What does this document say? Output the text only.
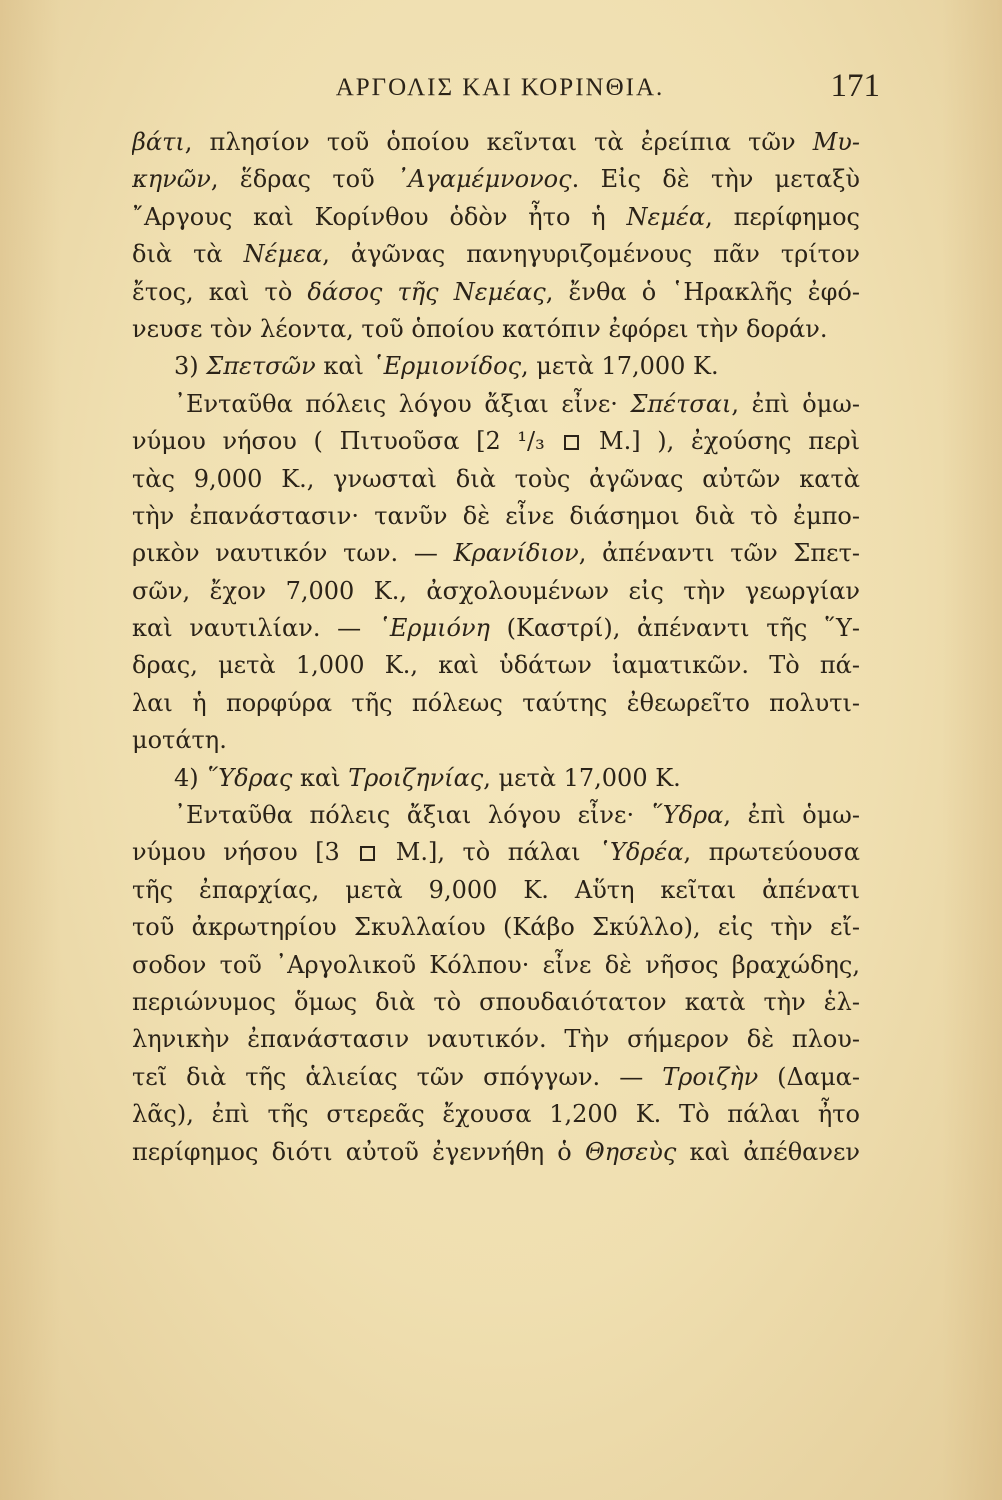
ΑΡΓΟΛΙΣ ΚΑΙ ΚΟΡΙΝΘΙΑ.	171
βάτι, πλησίον τοῦ ὁποίου κεῖνται τὰ ἐρείπια τῶν Μυ-
κηνῶν, ἕδρας τοῦ ᾿Αγαμέμνονος. Εἰς δὲ τὴν μεταξὺ
῎Αργους καὶ Κορίνθου ὁδὸν ἦτο ἡ Νεμέα, περίφημος
διὰ τὰ Νέμεα, ἀγῶνας πανηγυριζομένους πᾶν τρίτον
ἔτος, καὶ τὸ δάσος τῆς Νεμέας, ἔνθα ὁ ῾Ηρακλῆς ἐφό-
νευσε τὸν λέοντα, τοῦ ὁποίου κατόπιν ἐφόρει τὴν δοράν.
3) Σπετσῶν καὶ ῾Ερμιονίδος, μετὰ 17,000 Κ.
᾿Ενταῦθα πόλεις λόγου ἄξιαι εἶνε· Σπέτσαι, ἐπὶ ὁμω-
νύμου νήσου ( Πιτυοῦσα [2 ¹/₃  Μ.] ), ἐχούσης περὶ
τὰς 9,000 Κ., γνωσταὶ διὰ τοὺς ἀγῶνας αὐτῶν κατὰ
τὴν ἐπανάστασιν· τανῦν δὲ εἶνε διάσημοι διὰ τὸ ἐμπο-
ρικὸν ναυτικόν των. — Κρανίδιον, ἀπέναντι τῶν Σπετ-
σῶν, ἔχον 7,000 Κ., ἀσχολουμένων εἰς τὴν γεωργίαν
καὶ ναυτιλίαν. — ῾Ερμιόνη (Καστρί), ἀπέναντι τῆς ῞Υ-
δρας, μετὰ 1,000 Κ., καὶ ὑδάτων ἰαματικῶν. Τὸ πά-
λαι ἡ πορφύρα τῆς πόλεως ταύτης ἐθεωρεῖτο πολυτι-
μοτάτη.
4) ῞Υδρας καὶ Τροιζηνίας, μετὰ 17,000 Κ.
᾿Ενταῦθα πόλεις ἄξιαι λόγου εἶνε· ῞Υδρα, ἐπὶ ὁμω-
νύμου νήσου [3  Μ.], τὸ πάλαι ῾Υδρέα, πρωτεύουσα
τῆς ἐπαρχίας, μετὰ 9,000 Κ. Αὕτη κεῖται ἀπένατι
τοῦ ἀκρωτηρίου Σκυλλαίου (Κάβο Σκύλλο), εἰς τὴν εἴ-
σοδον τοῦ ᾿Αργολικοῦ Κόλπου· εἶνε δὲ νῆσος βραχώδης,
περιώνυμος ὅμως διὰ τὸ σπουδαιότατον κατὰ τὴν ἑλ-
ληνικὴν ἐπανάστασιν ναυτικόν. Τὴν σήμερον δὲ πλου-
τεῖ διὰ τῆς ἁλιείας τῶν σπόγγων. — Τροιζὴν (Δαμα-
λᾶς), ἐπὶ τῆς στερεᾶς ἔχουσα 1,200 Κ. Τὸ πάλαι ἦτο
περίφημος διότι αὐτοῦ ἐγεννήθη ὁ Θησεὺς καὶ ἀπέθανεν
